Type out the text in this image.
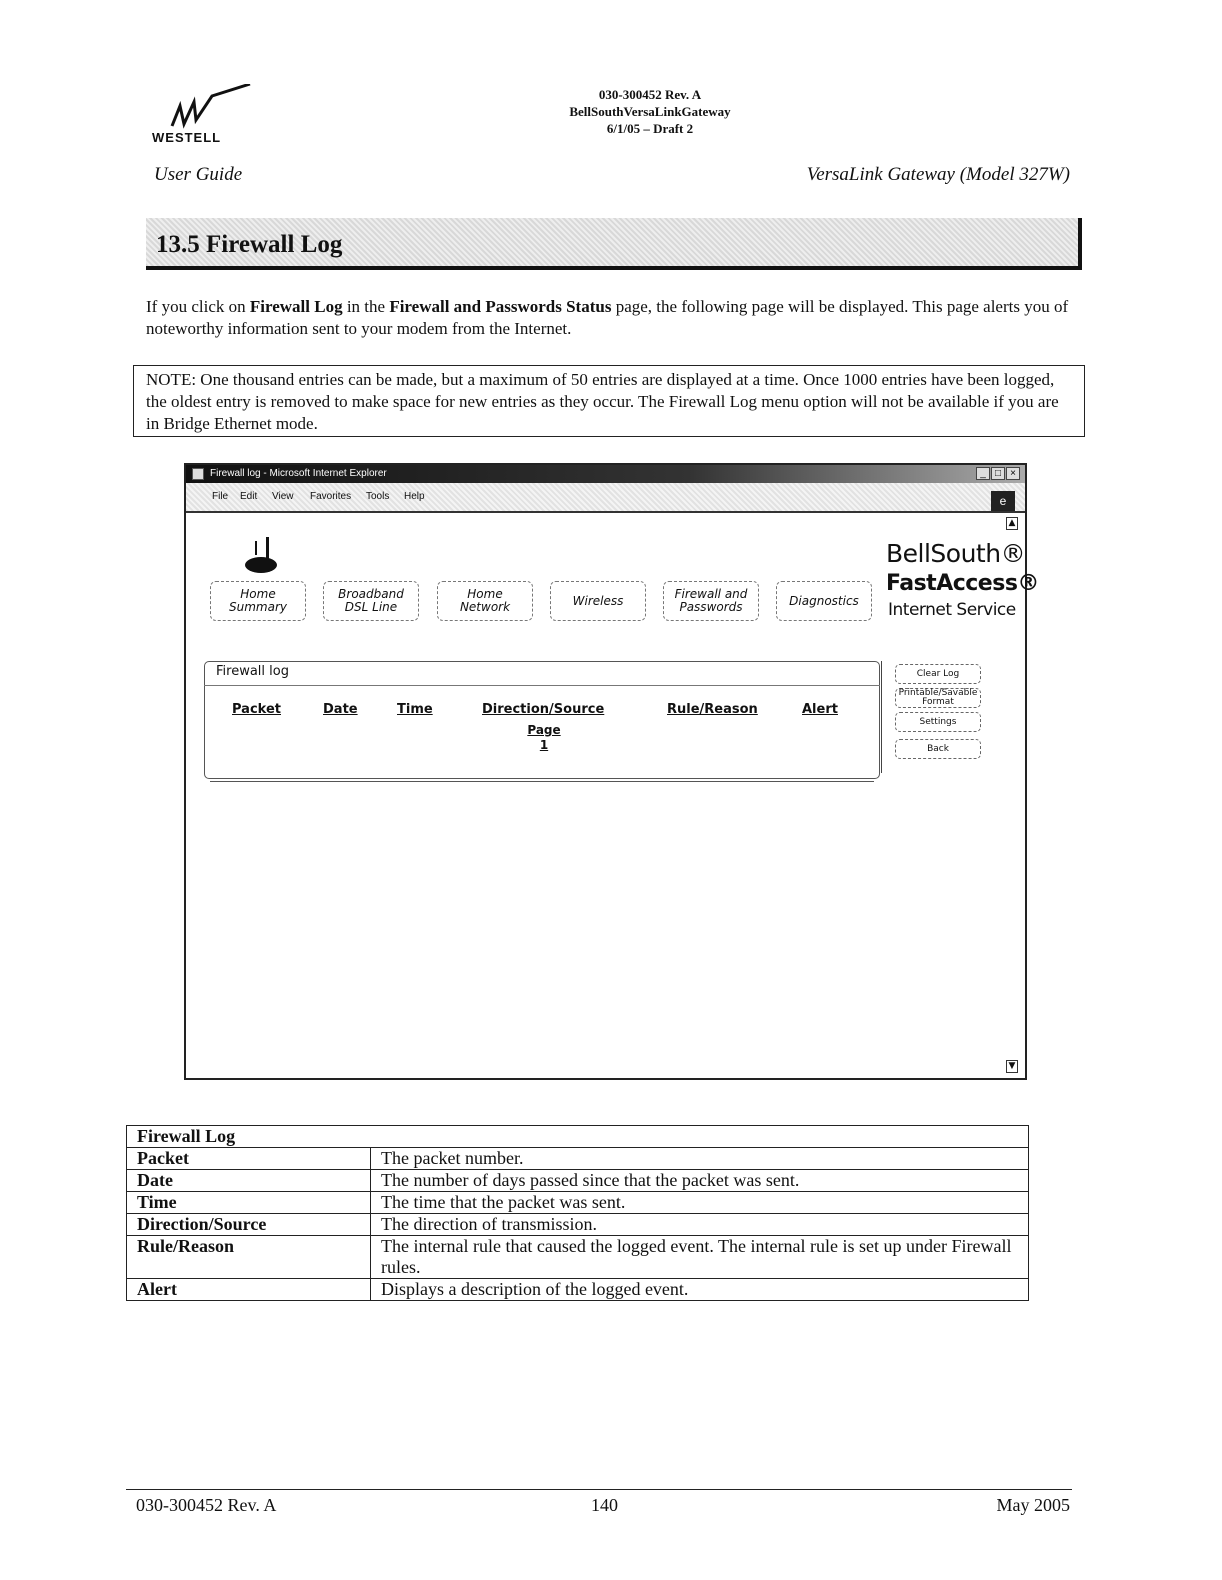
WESTELL
030-300452 Rev. A
BellSouthVersaLinkGateway
6/1/05 – Draft 2
User Guide	VersaLink Gateway (Model 327W)
13.5 Firewall Log
If you click on Firewall Log in the Firewall and Passwords Status page, the following page will be displayed. This page alerts you of noteworthy information sent to your modem from the Internet.
NOTE: One thousand entries can be made, but a maximum of 50 entries are displayed at a time. Once 1000 entries have been logged, the oldest entry is removed to make space for new entries as they occur. The Firewall Log menu option will not be available if you are in Bridge Ethernet mode.
Firewall log - Microsoft Internet Explorer	_ □ ×
File Edit View Favorites Tools Help	e
▲
▼
Home
Summary
Broadband
DSL Line
Home
Network	Wireless	Firewall and
Passwords	Diagnostics
BellSouth®
FastAccess®
Internet Service
Firewall log
Packet	Date	Time	Direction/Source	Rule/Reason	Alert
Page
1
Clear Log
Printable/Savable Format
Settings
Back
Firewall Log	
Packet	The packet number.
Date	The number of days passed since that the packet was sent.
Time	The time that the packet was sent.
Direction/Source	The direction of transmission.
Rule/Reason	The internal rule that caused the logged event. The internal rule is set up under Firewall rules.
Alert	Displays a description of the logged event.
030-300452 Rev. A	140	May 2005
